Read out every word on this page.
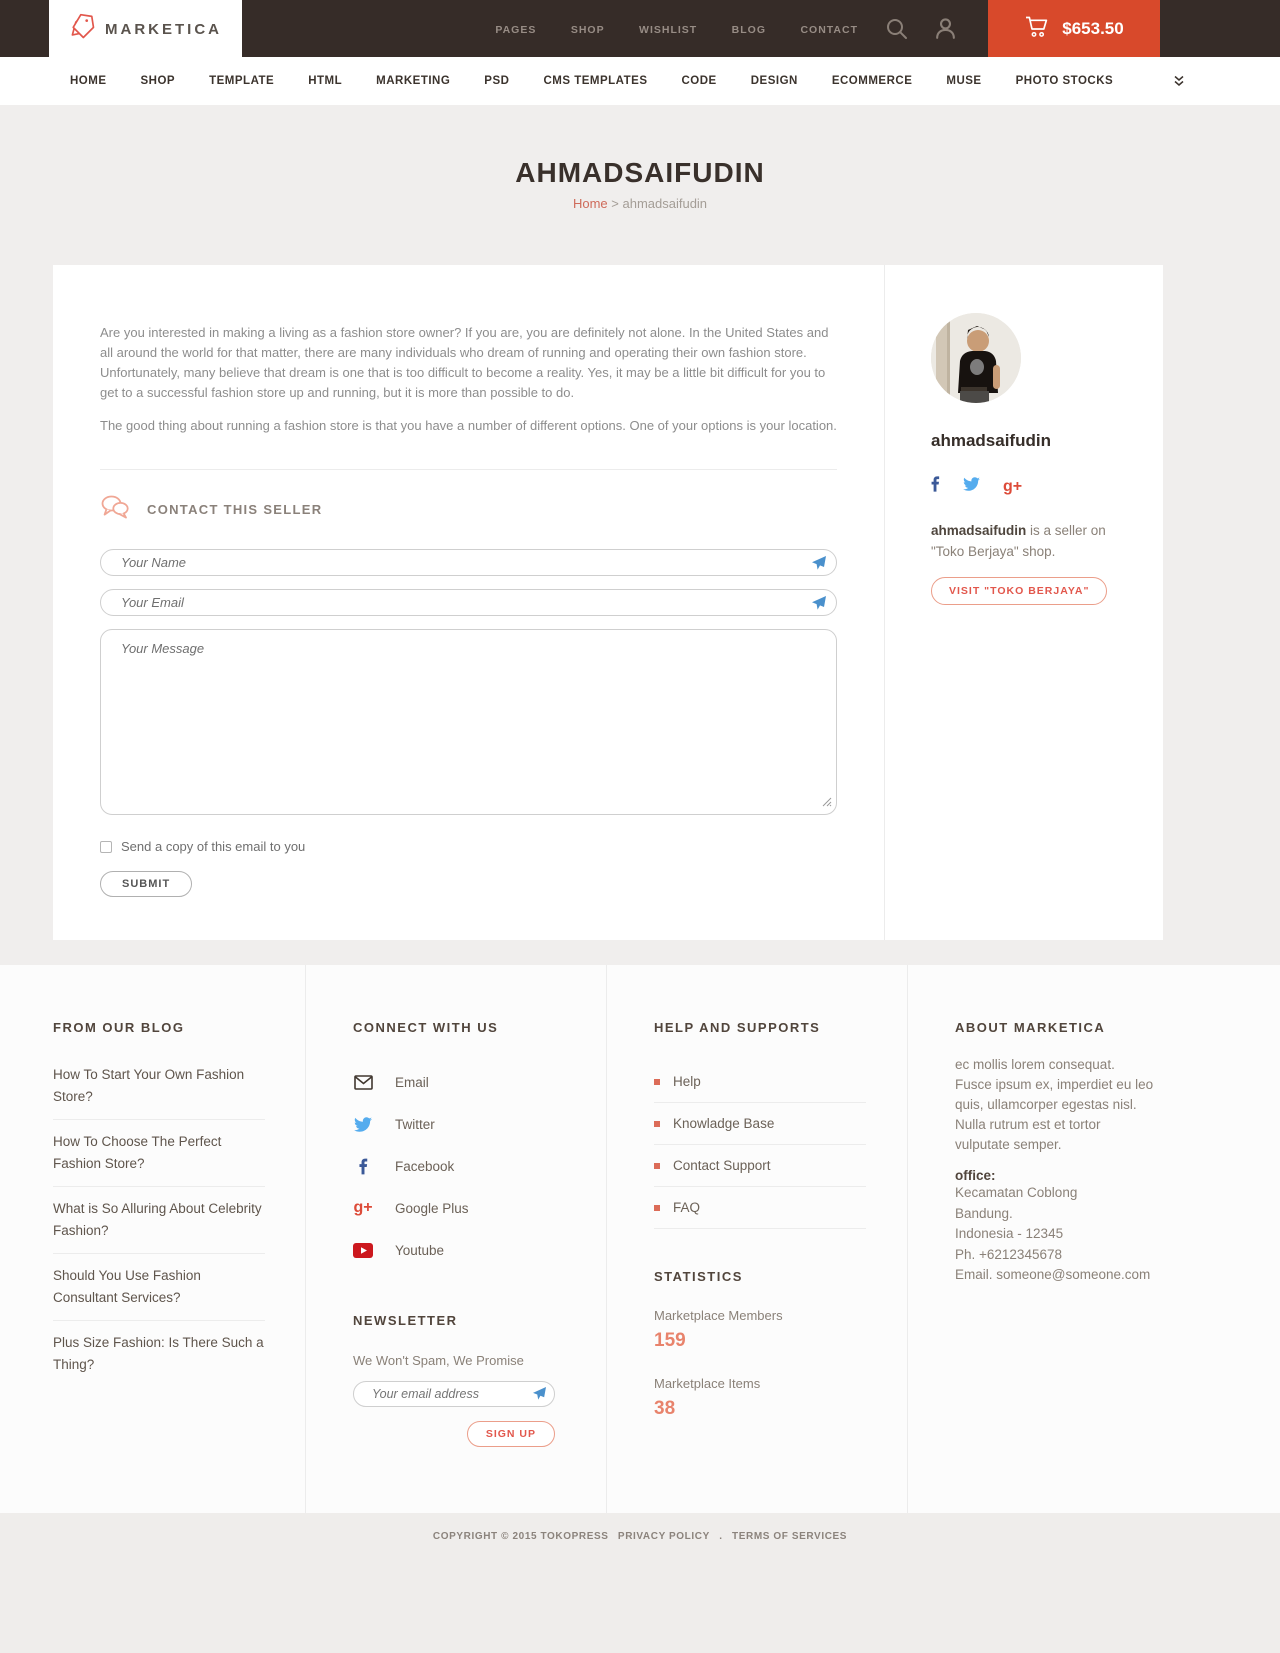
MARKETICA	PAGES	SHOP	WISHLIST	BLOG	CONTACT	$653.50
HOME	SHOP	TEMPLATE	HTML	MARKETING	PSD	CMS TEMPLATES	CODE	DESIGN	ECOMMERCE	MUSE	PHOTO STOCKS
AHMADSAIFUDIN
Home > ahmadsaifudin

Are you interested in making a living as a fashion store owner? If you are, you are definitely not alone. In the United States and all around the world for that matter, there are many individuals who dream of running and operating their own fashion store. Unfortunately, many believe that dream is one that is too difficult to become a reality. Yes, it may be a little bit difficult for you to get to a successful fashion store up and running, but it is more than possible to do.

The good thing about running a fashion store is that you have a number of different options. One of your options is your location.

CONTACT THIS SELLER
Your Name
Your Email
Your Message
Send a copy of this email to you
SUBMIT
ahmadsaifudin
g+

ahmadsaifudin is a seller on "Toko Berjaya" shop.

VISIT "TOKO BERJAYA"
FROM OUR BLOG
How To Start Your Own Fashion Store?
How To Choose The Perfect Fashion Store?
What is So Alluring About Celebrity Fashion?
Should You Use Fashion Consultant Services?
Plus Size Fashion: Is There Such a Thing?
CONNECT WITH US
Email
Twitter
Facebook
g+ Google Plus
Youtube
NEWSLETTER
We Won't Spam, We Promise
Your email address
SIGN UP
HELP AND SUPPORTS
Help
Knowladge Base
Contact Support
FAQ
STATISTICS
Marketplace Members
159
Marketplace Items
38
ABOUT MARKETICA

ec mollis lorem consequat. Fusce ipsum ex, imperdiet eu leo quis, ullamcorper egestas nisl. Nulla rutrum est et tortor vulputate semper.

office:
Kecamatan Coblong
Bandung.
Indonesia - 12345
Ph. +6212345678
Email. someone@someone.com
COPYRIGHT © 2015 TOKOPRESS PRIVACY POLICY . TERMS OF SERVICES
